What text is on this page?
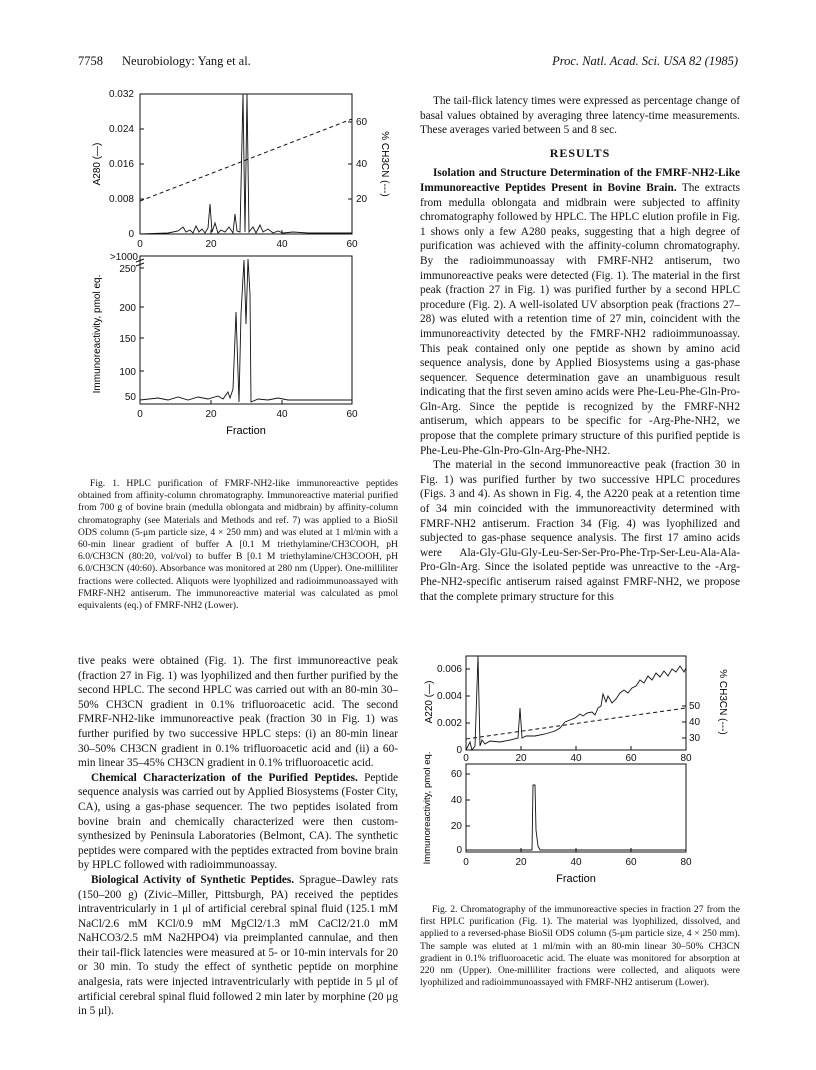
7758 Neurobiology: Yang et al.	Proc. Natl. Acad. Sci. USA 82 (1985)
0.032
0.024
0.016
0.008
0
60
40
20
0	20	40	60
A280 (—)	% CH3CN (---)
>1000
250
200
150
100
50
0	20	40	60
Immunoreactivity, pmol eq.
Fraction

Fig. 1. HPLC purification of FMRF-NH2-like immunoreactive peptides obtained from affinity-column chromatography. Immunoreactive material purified from 700 g of bovine brain (medulla oblongata and midbrain) by affinity-column chromatography (see Materials and Methods and ref. 7) was applied to a BioSil ODS column (5-μm particle size, 4 × 250 mm) and was eluted at 1 ml/min with a 60-min linear gradient of buffer A [0.1 M triethylamine/CH3COOH, pH 6.0/CH3CN (80:20, vol/vol) to buffer B [0.1 M triethylamine/CH3COOH, pH 6.0/CH3CN (40:60). Absorbance was monitored at 280 nm (Upper). One-milliliter fractions were collected. Aliquots were lyophilized and radioimmunoassayed with FMRF-NH2 antiserum. The immunoreactive material was calculated as pmol equivalents (eq.) of FMRF-NH2 (Lower).

tive peaks were obtained (Fig. 1). The first immunoreactive peak (fraction 27 in Fig. 1) was lyophilized and then further purified by the second HPLC. The second HPLC was carried out with an 80-min 30–50% CH3CN gradient in 0.1% trifluoroacetic acid. The second FMRF-NH2-like immunoreactive peak (fraction 30 in Fig. 1) was further purified by two successive HPLC steps: (i) an 80-min linear 30–50% CH3CN gradient in 0.1% trifluoroacetic acid and (ii) a 60-min linear 35–45% CH3CN gradient in 0.1% trifluoroacetic acid.

Chemical Characterization of the Purified Peptides. Peptide sequence analysis was carried out by Applied Biosystems (Foster City, CA), using a gas-phase sequencer. The two peptides isolated from bovine brain and chemically characterized were then custom-synthesized by Peninsula Laboratories (Belmont, CA). The synthetic peptides were compared with the peptides extracted from bovine brain by HPLC followed with radioimmunoassay.

Biological Activity of Synthetic Peptides. Sprague–Dawley rats (150–200 g) (Zivic–Miller, Pittsburgh, PA) received the peptides intraventricularly in 1 μl of artificial cerebral spinal fluid (125.1 mM NaCl/2.6 mM KCl/0.9 mM MgCl2/1.3 mM CaCl2/21.0 mM NaHCO3/2.5 mM Na2HPO4) via preimplanted cannulae, and then their tail-flick latencies were measured at 5- or 10-min intervals for 20 or 30 min. To study the effect of synthetic peptide on morphine analgesia, rats were injected intraventricularly with peptide in 5 μl of artificial cerebral spinal fluid followed 2 min later by morphine (20 μg in 5 μl).

The tail-flick latency times were expressed as percentage change of basal values obtained by averaging three latency-time measurements. These averages varied between 5 and 8 sec.

RESULTS

Isolation and Structure Determination of the FMRF-NH2-Like Immunoreactive Peptides Present in Bovine Brain. The extracts from medulla oblongata and midbrain were subjected to affinity chromatography followed by HPLC. The HPLC elution profile in Fig. 1 shows only a few A280 peaks, suggesting that a high degree of purification was achieved with the affinity-column chromatography. By the radioimmunoassay with FMRF-NH2 antiserum, two immunoreactive peaks were detected (Fig. 1). The material in the first peak (fraction 27 in Fig. 1) was purified further by a second HPLC procedure (Fig. 2). A well-isolated UV absorption peak (fractions 27–28) was eluted with a retention time of 27 min, coincident with the immunoreactivity detected by the FMRF-NH2 radioimmunoassay. This peak contained only one peptide as shown by amino acid sequence analysis, done by Applied Biosystems using a gas-phase sequencer. Sequence determination gave an unambiguous result indicating that the first seven amino acids were Phe-Leu-Phe-Gln-Pro-Gln-Arg. Since the peptide is recognized by the FMRF-NH2 antiserum, which appears to be specific for -Arg-Phe-NH2, we propose that the complete primary structure of this purified peptide is Phe-Leu-Phe-Gln-Pro-Gln-Arg-Phe-NH2.

The material in the second immunoreactive peak (fraction 30 in Fig. 1) was purified further by two successive HPLC procedures (Figs. 3 and 4). As shown in Fig. 4, the A220 peak at a retention time of 34 min coincided with the immunoreactivity determined with FMRF-NH2 antiserum. Fraction 34 (Fig. 4) was lyophilized and subjected to gas-phase sequence analysis. The first 17 amino acids were Ala-Gly-Glu-Gly-Leu-Ser-Ser-Pro-Phe-Trp-Ser-Leu-Ala-Ala-Pro-Gln-Arg. Since the isolated peptide was unreactive to the -Arg-Phe-NH2-specific antiserum raised against FMRF-NH2, we propose that the complete primary structure for this

0.006
0.004
0.002
0
50
40
30
0	20	40	60	80
A220 (—)	% CH3CN (---)
60
40
20
0
0	20	40	60	80
Immunoreactivity, pmol eq.
Fraction

Fig. 2. Chromatography of the immunoreactive species in fraction 27 from the first HPLC purification (Fig. 1). The material was lyophilized, dissolved, and applied to a reversed-phase BioSil ODS column (5-μm particle size, 4 × 250 mm). The sample was eluted at 1 ml/min with an 80-min linear 30–50% CH3CN gradient in 0.1% trifluoroacetic acid. The eluate was monitored for absorption at 220 nm (Upper). One-milliliter fractions were collected, and aliquots were lyophilized and radioimmunoassayed with FMRF-NH2 antiserum (Lower).
